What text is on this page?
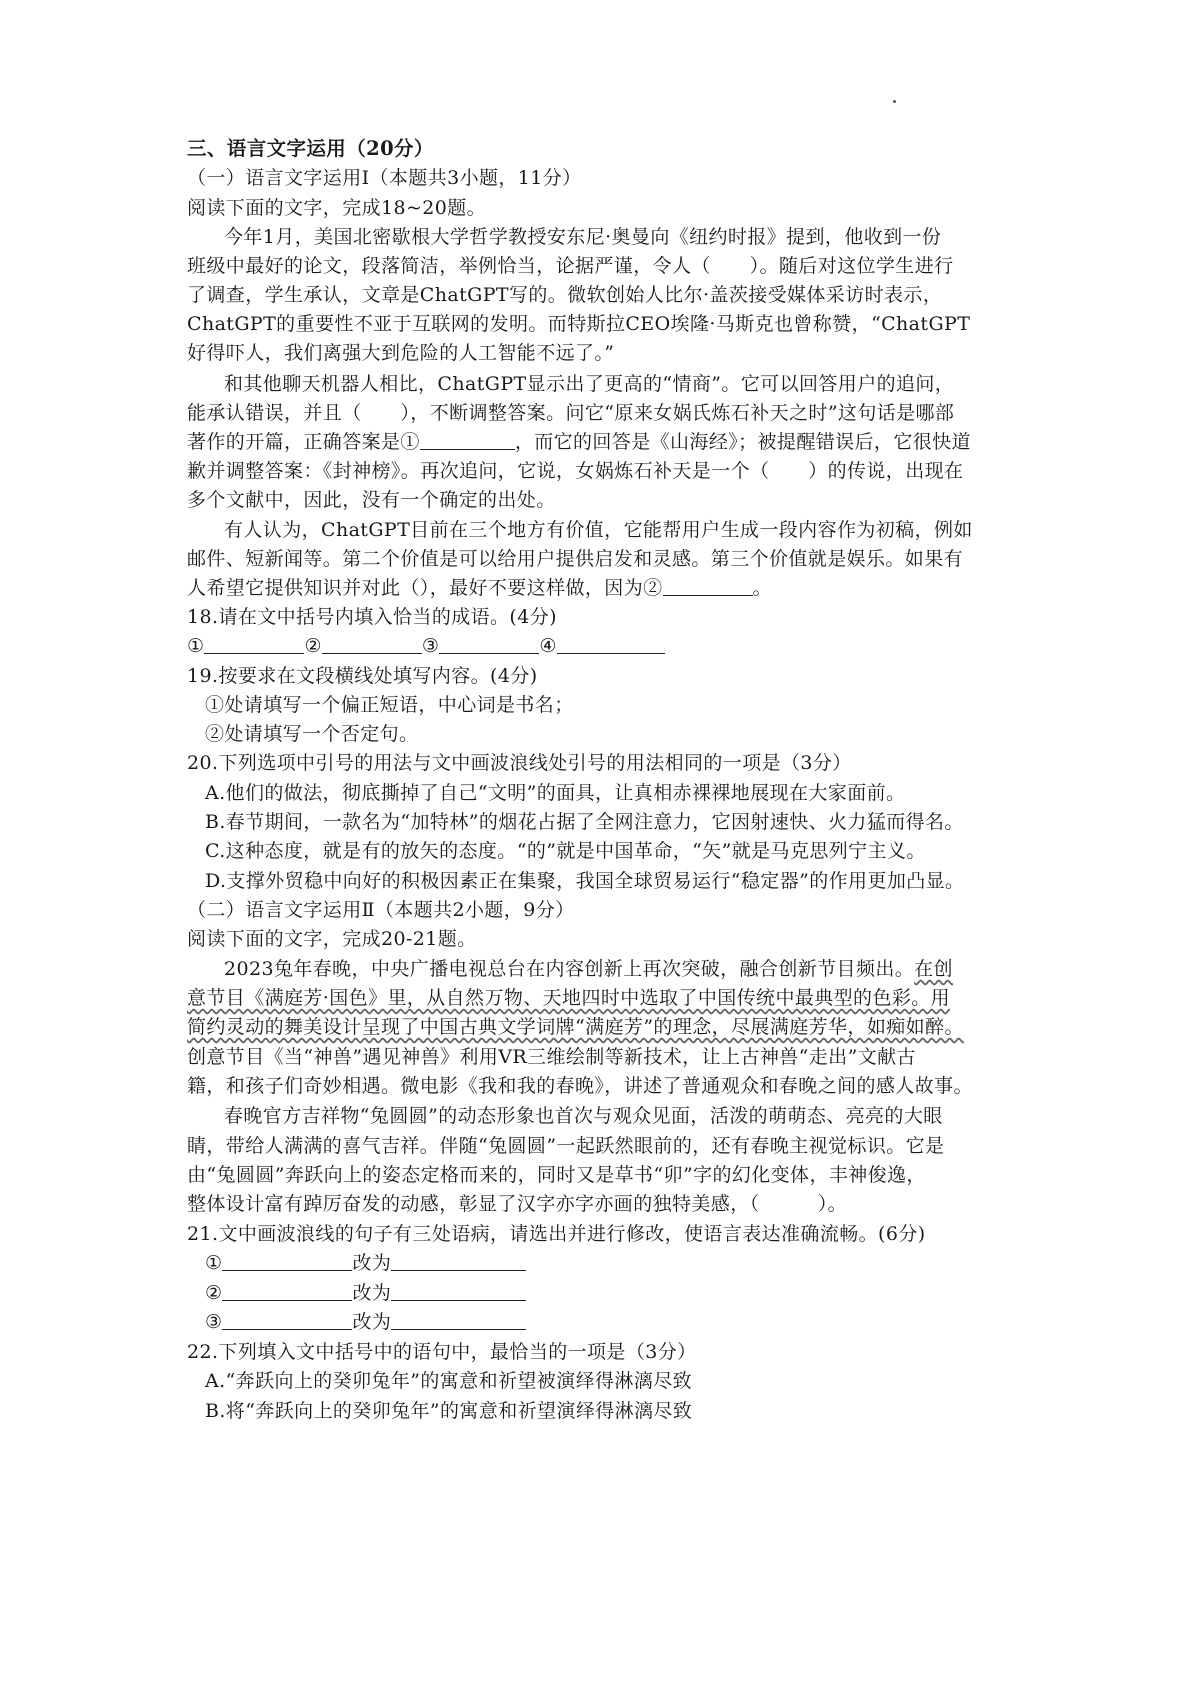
三、语言文字运用（20分）
（一）语言文字运用Ⅰ（本题共3小题，11分）
阅读下面的文字，完成18~20题。
今年1月，美国北密歇根大学哲学教授安东尼·奥曼向《纽约时报》提到，他收到一份
班级中最好的论文，段落简洁，举例恰当，论据严谨，令人（　　）。随后对这位学生进行
了调查，学生承认，文章是ChatGPT写的。微软创始人比尔·盖茨接受媒体采访时表示，
ChatGPT的重要性不亚于互联网的发明。而特斯拉CEO埃隆·马斯克也曾称赞，“ChatGPT
好得吓人，我们离强大到危险的人工智能不远了。”
和其他聊天机器人相比，ChatGPT显示出了更高的“情商”。它可以回答用户的追问，
能承认错误，并且（　　），不断调整答案。问它“原来女娲氏炼石补天之时”这句话是哪部
著作的开篇，正确答案是①	，而它的回答是《山海经》；被提醒错误后，它很快道
歉并调整答案：《封神榜》。再次追问，它说，女娲炼石补天是一个（　　）的传说，出现在
多个文献中，因此，没有一个确定的出处。
有人认为，ChatGPT目前在三个地方有价值，它能帮用户生成一段内容作为初稿，例如
邮件、短新闻等。第二个价值是可以给用户提供启发和灵感。第三个价值就是娱乐。如果有
人希望它提供知识并对此（），最好不要这样做，因为②	。
18.请在文中括号内填入恰当的成语。(4分)
①	②	③	④
19.按要求在文段横线处填写内容。(4分)
①处请填写一个偏正短语，中心词是书名；
②处请填写一个否定句。
20.下列选项中引号的用法与文中画波浪线处引号的用法相同的一项是（3分）
A.他们的做法，彻底撕掉了自己“文明”的面具，让真相赤裸裸地展现在大家面前。
B.春节期间，一款名为“加特林”的烟花占据了全网注意力，它因射速快、火力猛而得名。
C.这种态度，就是有的放矢的态度。“的”就是中国革命，“矢”就是马克思列宁主义。
D.支撑外贸稳中向好的积极因素正在集聚，我国全球贸易运行“稳定器”的作用更加凸显。
（二）语言文字运用Ⅱ（本题共2小题，9分）
阅读下面的文字，完成20-21题。
2023兔年春晚，中央广播电视总台在内容创新上再次突破，融合创新节目频出。在创
意节目《满庭芳·国色》里，从自然万物、天地四时中选取了中国传统中最典型的色彩。用
简约灵动的舞美设计呈现了中国古典文学词牌“满庭芳”的理念，尽展满庭芳华，如痴如醉。
创意节目《当“神兽”遇见神兽》利用VR三维绘制等新技术，让上古神兽“走出”文献古
籍，和孩子们奇妙相遇。微电影《我和我的春晚》，讲述了普通观众和春晚之间的感人故事。
春晚官方吉祥物“兔圆圆”的动态形象也首次与观众见面，活泼的萌萌态、亮亮的大眼
睛，带给人满满的喜气吉祥。伴随“兔圆圆”一起跃然眼前的，还有春晚主视觉标识。它是
由“兔圆圆”奔跃向上的姿态定格而来的，同时又是草书“卯”字的幻化变体，丰神俊逸，
整体设计富有踔厉奋发的动感，彰显了汉字亦字亦画的独特美感，（　　　）。
21.文中画波浪线的句子有三处语病，请选出并进行修改，使语言表达准确流畅。(6分)
①	改为
②	改为
③	改为
22.下列填入文中括号中的语句中，最恰当的一项是（3分）
A.“奔跃向上的癸卯兔年”的寓意和祈望被演绎得淋漓尽致
B.将“奔跃向上的癸卯兔年”的寓意和祈望演绎得淋漓尽致
